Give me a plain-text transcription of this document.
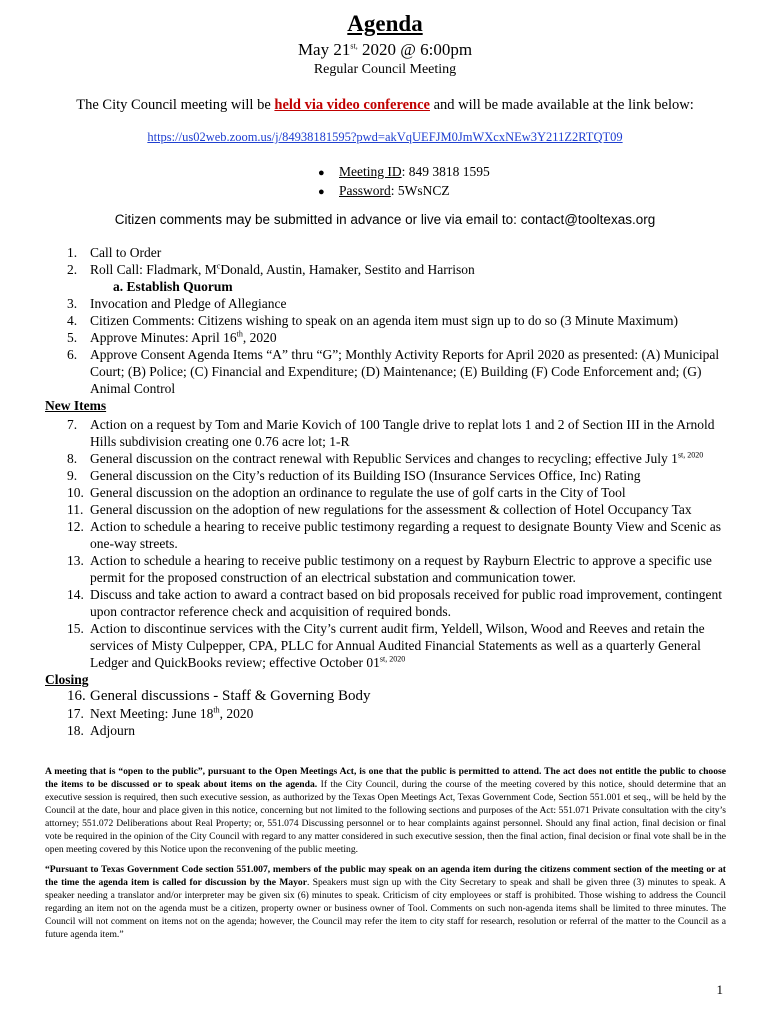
Agenda
May $21^{st,}$ 2020 @ 6:00pm
Regular Council Meeting
The City Council meeting will be held via video conference and will be made available at the link below:
https://us02web.zoom.us/j/84938181595?pwd=akVqUEFJM0JmWXcxNEw3Y211Z2RTQT09
●	Meeting ID: 849 3818 1595
●	Password: 5WsNCZ
Citizen comments may be submitted in advance or live via email to: contact@tooltexas.org
1. Call to Order
2. Roll Call: Fladmark, $M^cDonald$, Austin, Hamaker, Sestito and Harrison
a. Establish Quorum
3. Invocation and Pledge of Allegiance
4. Citizen Comments: Citizens wishing to speak on an agenda item must sign up to do so (3 Minute Maximum)
5. Approve Minutes: April 16th, 2020
6. Approve Consent Agenda Items “A” thru “G”; Monthly Activity Reports for April 2020 as presented: (A) Municipal Court; (B) Police; (C) Financial and Expenditure; (D) Maintenance; (E) Building (F) Code Enforcement and; (G) Animal Control
New Items
7. Action on a request by Tom and Marie Kovich of 100 Tangle drive to replat lots 1 and 2 of Section III in the Arnold Hills subdivision creating one 0.76 acre lot; 1-R
8. General discussion on the contract renewal with Republic Services and changes to recycling; effective July $1^{st, 2020}$
9. General discussion on the City’s reduction of its Building ISO (Insurance Services Office, Inc) Rating
10. General discussion on the adoption an ordinance to regulate the use of golf carts in the City of Tool
11. General discussion on the adoption of new regulations for the assessment & collection of Hotel Occupancy Tax
12. Action to schedule a hearing to receive public testimony regarding a request to designate Bounty View and Scenic as one-way streets.
13. Action to schedule a hearing to receive public testimony on a request by Rayburn Electric to approve a specific use permit for the proposed construction of an electrical substation and communication tower.
14. Discuss and take action to award a contract based on bid proposals received for public road improvement, contingent upon contractor reference check and acquisition of required bonds.
15. Action to discontinue services with the City’s current audit firm, Yeldell, Wilson, Wood and Reeves and retain the services of Misty Culpepper, CPA, PLLC for Annual Audited Financial Statements as well as a quarterly General Ledger and QuickBooks review; effective October $01^{st, 2020}$
Closing
16. General discussions - Staff & Governing Body
17. Next Meeting: June 18th, 2020
18. Adjourn

A meeting that is “open to the public”, pursuant to the Open Meetings Act, is one that the public is permitted to attend. The act does not entitle the public to choose the items to be discussed or to speak about items on the agenda. If the City Council, during the course of the meeting covered by this notice, should determine that an executive session is required, then such executive session, as authorized by the Texas Open Meetings Act, Texas Government Code, Section 551.001 et seq., will be held by the Council at the date, hour and place given in this notice, concerning but not limited to the following sections and purposes of the Act: 551.071 Private consultation with the city’s attorney; 551.072 Deliberations about Real Property; or, 551.074 Discussing personnel or to hear complaints against personnel. Should any final action, final decision or final vote be required in the opinion of the City Council with regard to any matter considered in such executive session, then the final action, final decision or final vote shall be in the open meeting covered by this Notice upon the reconvening of the public meeting.

“Pursuant to Texas Government Code section 551.007, members of the public may speak on an agenda item during the citizens comment section of the meeting or at the time the agenda item is called for discussion by the Mayor. Speakers must sign up with the City Secretary to speak and shall be given three (3) minutes to speak. A speaker needing a translator and/or interpreter may be given six (6) minutes to speak. Criticism of city employees or staff is prohibited. Those wishing to address the Council regarding an item not on the agenda must be a citizen, property owner or business owner of Tool. Comments on such non-agenda items shall be limited to three minutes. The Council will not comment on items not on the agenda; however, the Council may refer the item to city staff for research, resolution or referral of the matter to the Council as a future agenda item.”

1
